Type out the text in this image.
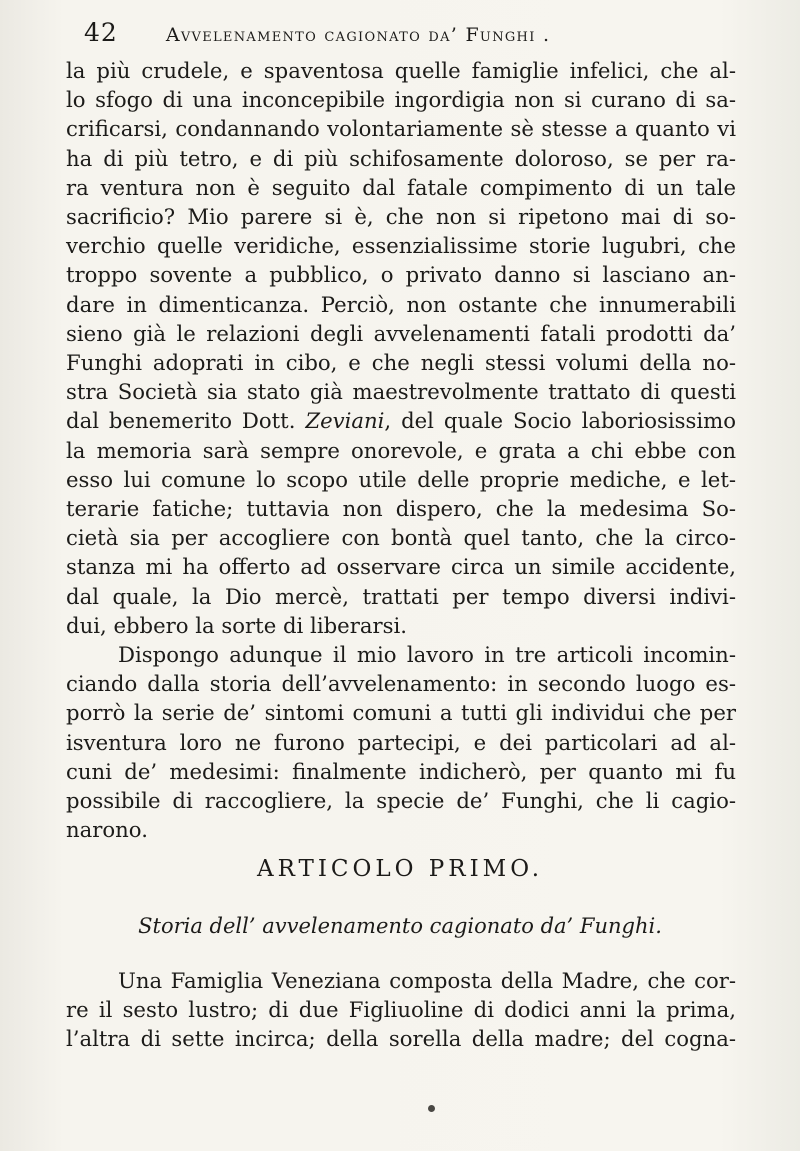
42	Avvelenamento cagionato da’ Funghi .
la più crudele, e spaventosa quelle famiglie infelici, che al-
lo sfogo di una inconcepibile ingordigia non si curano di sa-
crificarsi, condannando volontariamente sè stesse a quanto vi
ha di più tetro, e di più schifosamente doloroso, se per ra-
ra ventura non è seguito dal fatale compimento di un tale
sacrificio? Mio parere si è, che non si ripetono mai di so-
verchio quelle veridiche, essenzialissime storie lugubri, che
troppo sovente a pubblico, o privato danno si lasciano an-
dare in dimenticanza. Perciò, non ostante che innumerabili
sieno già le relazioni degli avvelenamenti fatali prodotti da’
Funghi adoprati in cibo, e che negli stessi volumi della no-
stra Società sia stato già maestrevolmente trattato di questi
dal benemerito Dott. Zeviani, del quale Socio laboriosissimo
la memoria sarà sempre onorevole, e grata a chi ebbe con
esso lui comune lo scopo utile delle proprie mediche, e let-
terarie fatiche; tuttavia non dispero, che la medesima So-
cietà sia per accogliere con bontà quel tanto, che la circo-
stanza mi ha offerto ad osservare circa un simile accidente,
dal quale, la Dio mercè, trattati per tempo diversi indivi-
dui, ebbero la sorte di liberarsi.
Dispongo adunque il mio lavoro in tre articoli incomin-
ciando dalla storia dell’avvelenamento: in secondo luogo es-
porrò la serie de’ sintomi comuni a tutti gli individui che per
isventura loro ne furono partecipi, e dei particolari ad al-
cuni de’ medesimi: finalmente indicherò, per quanto mi fu
possibile di raccogliere, la specie de’ Funghi, che li cagio-
narono.
ARTICOLO PRIMO.
Storia dell’ avvelenamento cagionato da’ Funghi.
Una Famiglia Veneziana composta della Madre, che cor-
re il sesto lustro; di due Figliuoline di dodici anni la prima,
l’altra di sette incirca; della sorella della madre; del cogna-
